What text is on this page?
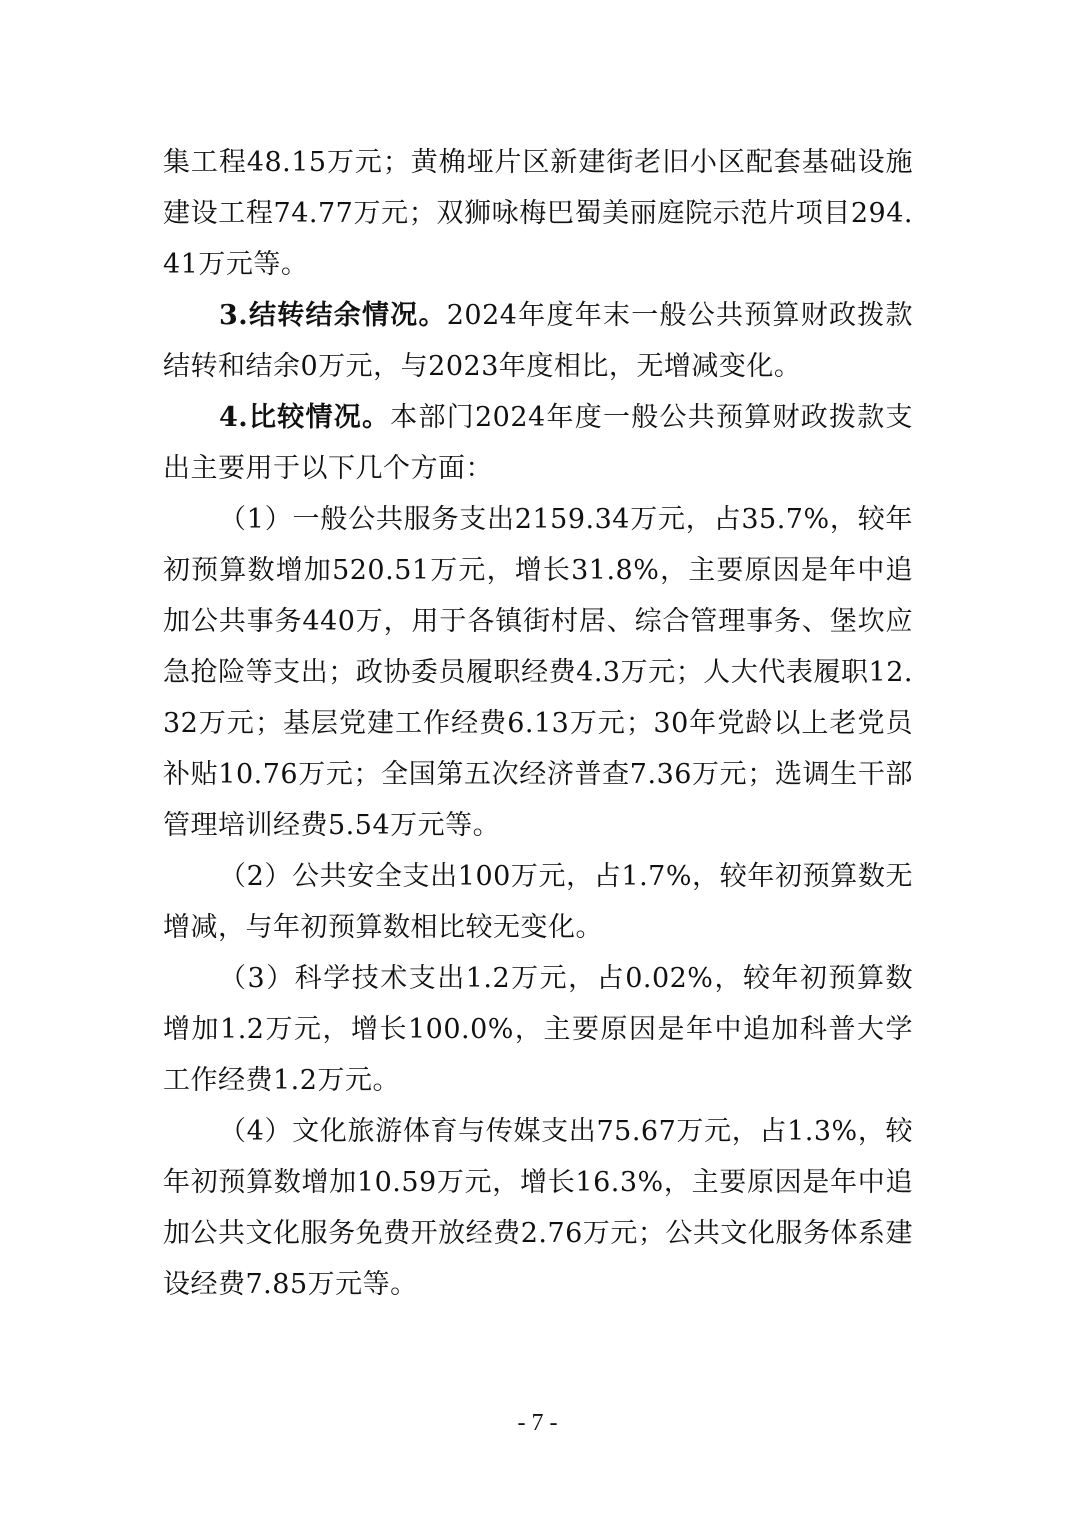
集工程48.15万元；黄桷垭片区新建街老旧小区配套基础设施建设工程74.77万元；双狮咏梅巴蜀美丽庭院示范片项目294.41万元等。

3.结转结余情况。2024年度年末一般公共预算财政拨款结转和结余0万元，与2023年度相比，无增减变化。

4.比较情况。本部门2024年度一般公共预算财政拨款支出主要用于以下几个方面：

（1）一般公共服务支出2159.34万元，占35.7%，较年初预算数增加520.51万元，增长31.8%，主要原因是年中追加公共事务440万，用于各镇街村居、综合管理事务、堡坎应急抢险等支出；政协委员履职经费4.3万元；人大代表履职12.32万元；基层党建工作经费6.13万元；30年党龄以上老党员补贴10.76万元；全国第五次经济普查7.36万元；选调生干部管理培训经费5.54万元等。

（2）公共安全支出100万元，占1.7%，较年初预算数无增减，与年初预算数相比较无变化。

（3）科学技术支出1.2万元，占0.02%，较年初预算数增加1.2万元，增长100.0%，主要原因是年中追加科普大学工作经费1.2万元。

（4）文化旅游体育与传媒支出75.67万元，占1.3%，较年初预算数增加10.59万元，增长16.3%，主要原因是年中追加公共文化服务免费开放经费2.76万元；公共文化服务体系建设经费7.85万元等。

- 7 -
